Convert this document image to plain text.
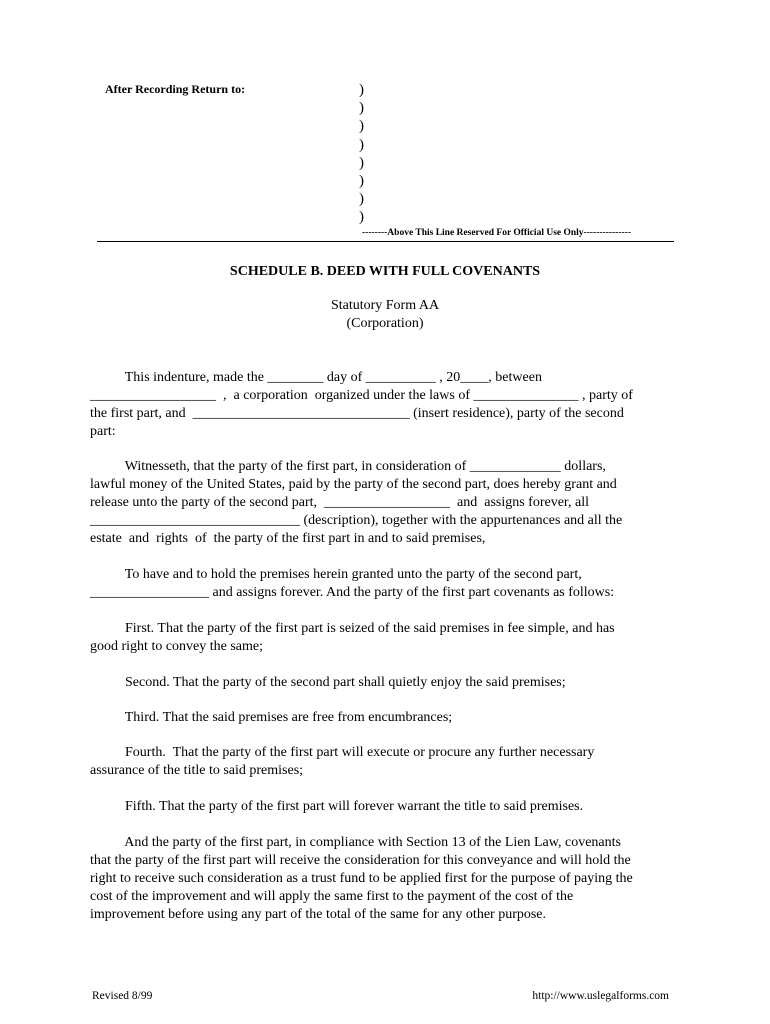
After Recording Return to:	)
)
)
)
)
)
)
)
--------Above This Line Reserved For Official Use Only---------------
SCHEDULE B. DEED WITH FULL COVENANTS
Statutory Form AA
(Corporation)
This indenture, made the ________ day of __________ , 20____, between
__________________  ,  a corporation  organized under the laws of _______________ , party of
the first part, and  _______________________________ (insert residence), party of the second
part:
Witnesseth, that the party of the first part, in consideration of _____________ dollars,
lawful money of the United States, paid by the party of the second part, does hereby grant and
release unto the party of the second part,  __________________  and  assigns forever, all
______________________________ (description), together with the appurtenances and all the
estate  and  rights  of  the party of the first part in and to said premises,
To have and to hold the premises herein granted unto the party of the second part,
_________________ and assigns forever. And the party of the first part covenants as follows:
First. That the party of the first part is seized of the said premises in fee simple, and has
good right to convey the same;
Second. That the party of the second part shall quietly enjoy the said premises;
Third. That the said premises are free from encumbrances;
Fourth.  That the party of the first part will execute or procure any further necessary
assurance of the title to said premises;
Fifth. That the party of the first part will forever warrant the title to said premises.
And the party of the first part, in compliance with Section 13 of the Lien Law, covenants
that the party of the first part will receive the consideration for this conveyance and will hold the
right to receive such consideration as a trust fund to be applied first for the purpose of paying the
cost of the improvement and will apply the same first to the payment of the cost of the
improvement before using any part of the total of the same for any other purpose.
Revised 8/99	http://www.uslegalforms.com
